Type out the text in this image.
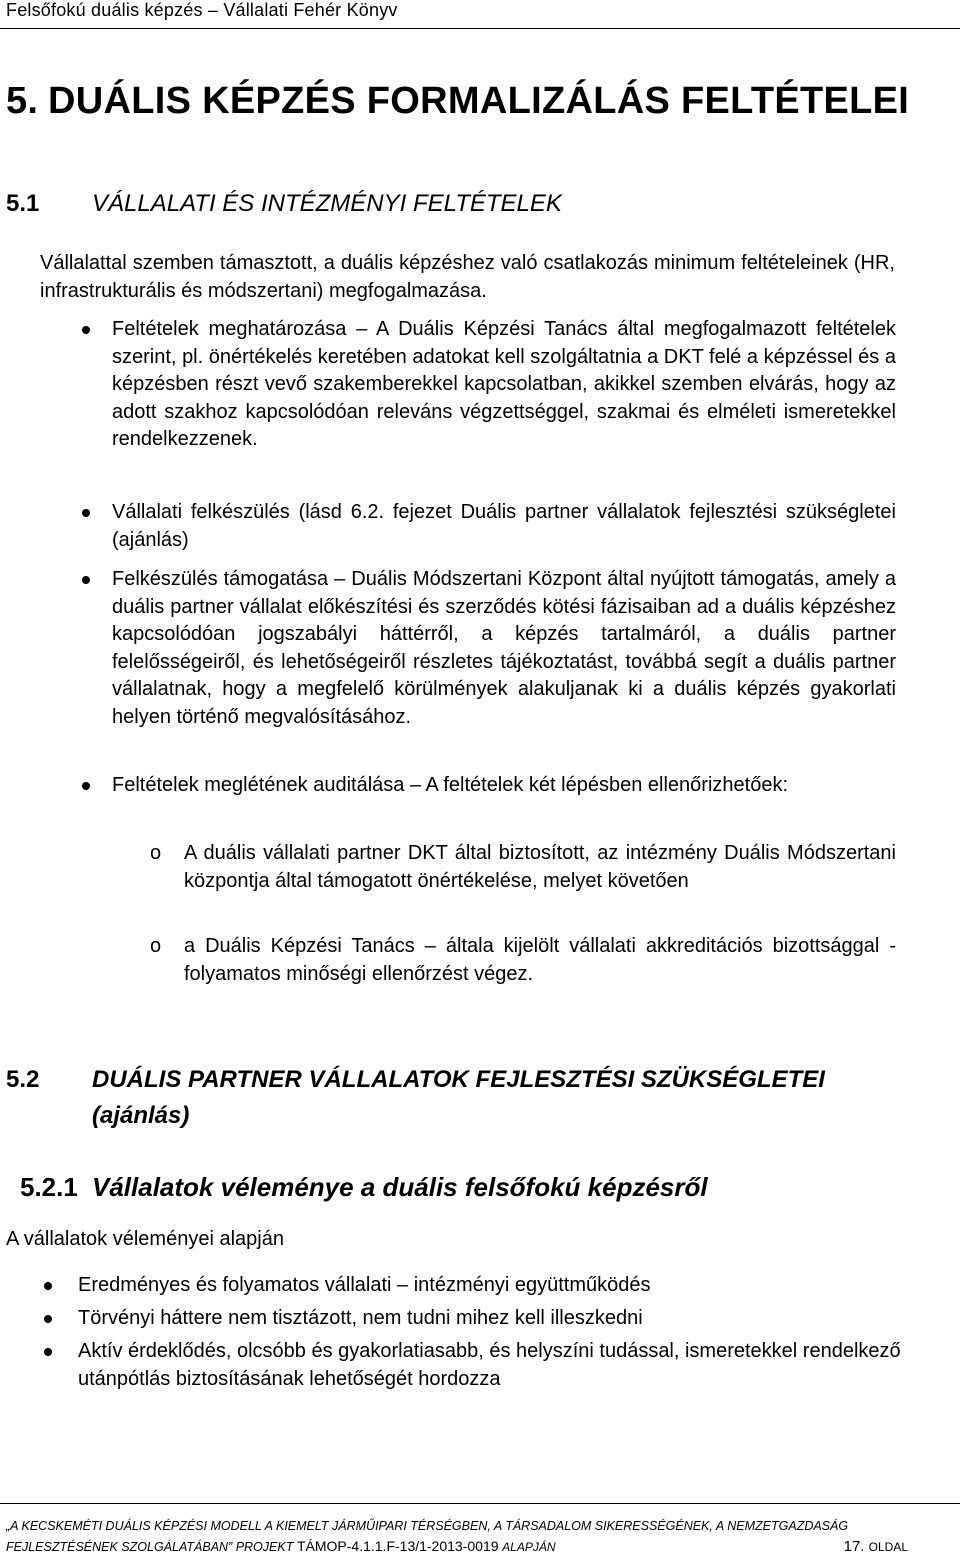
Felsőfokú duális képzés – Vállalati Fehér Könyv
5. DUÁLIS KÉPZÉS FORMALIZÁLÁS FELTÉTELEI
5.1 VÁLLALATI ÉS INTÉZMÉNYI FELTÉTELEK
Vállalattal szemben támasztott, a duális képzéshez való csatlakozás minimum feltételeinek (HR, infrastrukturális és módszertani) megfogalmazása.
Feltételek meghatározása – A Duális Képzési Tanács által megfogalmazott feltételek szerint, pl. önértékelés keretében adatokat kell szolgáltatnia a DKT felé a képzéssel és a képzésben részt vevő szakemberekkel kapcsolatban, akikkel szemben elvárás, hogy az adott szakhoz kapcsolódóan releváns végzettséggel, szakmai és elméleti ismeretekkel rendelkezzenek.
Vállalati felkészülés (lásd 6.2. fejezet Duális partner vállalatok fejlesztési szükségletei (ajánlás)
Felkészülés támogatása – Duális Módszertani Központ által nyújtott támogatás, amely a duális partner vállalat előkészítési és szerződés kötési fázisaiban ad a duális képzéshez kapcsolódóan jogszabályi háttérről, a képzés tartalmáról, a duális partner felelősségeiről, és lehetőségeiről részletes tájékoztatást, továbbá segít a duális partner vállalatnak, hogy a megfelelő körülmények alakuljanak ki a duális képzés gyakorlati helyen történő megvalósításához.
Feltételek meglétének auditálása – A feltételek két lépésben ellenőrizhetőek:
o A duális vállalati partner DKT által biztosított, az intézmény Duális Módszertani központja által támogatott önértékelése, melyet követően
o a Duális Képzési Tanács – általa kijelölt vállalati akkreditációs bizottsággal - folyamatos minőségi ellenőrzést végez.
5.2 DUÁLIS PARTNER VÁLLALATOK FEJLESZTÉSI SZÜKSÉGLETEI
(ajánlás)
5.2.1 Vállalatok véleménye a duális felsőfokú képzésről
A vállalatok véleményei alapján
Eredményes és folyamatos vállalati – intézményi együttműködés
Törvényi háttere nem tisztázott, nem tudni mihez kell illeszkedni
Aktív érdeklődés, olcsóbb és gyakorlatiasabb, és helyszíni tudással, ismeretekkel rendelkező utánpótlás biztosításának lehetőségét hordozza
„A KECSKEMÉTI DUÁLIS KÉPZÉSI MODELL A KIEMELT JÁRMŰIPARI TÉRSÉGBEN, A TÁRSADALOM SIKERESSÉGÉNEK, A NEMZETGAZDASÁG
FEJLESZTÉSÉNEK SZOLGÁLATÁBAN” PROJEKT TÁMOP-4.1.1.F-13/1-2013-0019 ALAPJÁN	17. OLDAL
